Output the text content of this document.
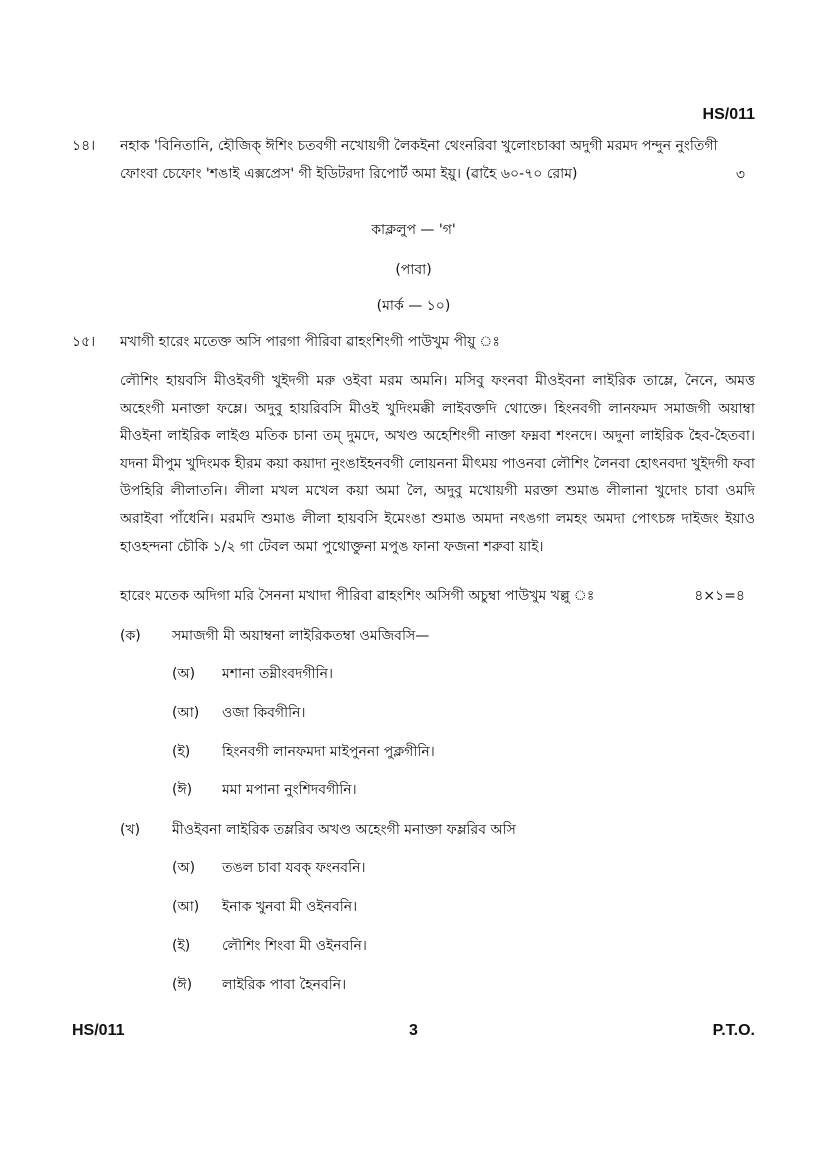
HS/011
১৪। নহাক 'বিনিতানি, হৌজিক্ ঈশিং চতবগী নখোয়গী লৈকইনা থেংনরিবা খুলোংচাব্বা অদুগী মরমদ পন্দুন নুংতিগী ফোংবা চেফোং 'শঙাই এক্সপ্রেস' গী ইডিটরদা রিপোর্ট অমা ইয়ু। (ৱাহৈ ৬০-৭০ রোম)	৩
কাক্ললুপ — 'গ'
(পাবা)
(মার্ক — ১০)
১৫। মখাগী হারেং মতেক্ত অসি পারগা পীরিবা ৱাহংশিংগী পাউখুম পীয়ু ঃ
লৌশিং হায়বসি মীওইবগী খুইদগী মরু ওইবা মরম অমনি। মসিবু ফংনবা মীওইবনা লাইরিক তাম্লে, নৈনে, অমত্ত অহেংগী মনাক্তা ফম্লে। অদুবু হায়রিবসি মীওই খুদিংমক্কী লাইবক্তদি থোক্তে। হিংনবগী লানফমদ সমাজগী অয়াম্বা মীওইনা লাইরিক লাইগু মতিক চানা তম্ দুমদে, অখণ্ড অহেশিংগী নাক্তা ফম্নবা শংনদে। অদুনা লাইরিক হৈব-হৈতবা। যদনা মীপুম খুদিংমক হীরম কয়া কয়াদা নুংঙাইহনবগী লোয়ননা মীৎময় পাওনবা লৌশিং লৈনবা হোৎনবদা খুইদগী ফবা উপহিরি লীলাতনি। লীলা মখল মখেল কয়া অমা লৈ, অদুবু মখোয়গী মরক্তা শুমাঙ লীলানা খুদোং চাবা ওমদি অরাইবা পাঁধেনি। মরমদি শুমাঙ লীলা হায়বসি ইমেংঙা শুমাঙ অমদা নৎঙগা লমহং অমদা পোৎচঙ্গ দাইজং ইয়াও হাওহন্দনা চৌকি ১/২ গা টেবল অমা পুথোক্তুনা মপুঙ ফানা ফজনা শরুবা য়াই।
হারেং মতেক অদিগা মরি সৈননা মখাদা পীরিবা ৱাহংশিং অসিগী অচুম্বা পাউখুম খল্লু ঃ	৪×১=৪
(ক) সমাজগী মী অয়াম্বনা লাইরিকতম্বা ওমজিবসি—
(অ) মশানা তম্নীংবদগীনি।
(আ) ওজা কিবগীনি।
(ই) হিংনবগী লানফমদা মাইপুননা পুক্লগীনি।
(ঈ) মমা মপানা নুংশিদবগীনি।
(খ) মীওইবনা লাইরিক তম্লরিব অখণ্ড অহেংগী মনাক্তা ফম্লরিব অসি
(অ) তঙল চাবা যবক্ ফংনবনি।
(আ) ইনাক খুনবা মী ওইনবনি।
(ই) লৌশিং শিংবা মী ওইনবনি।
(ঈ) লাইরিক পাবা হৈনবনি।
HS/011	3	P.T.O.
